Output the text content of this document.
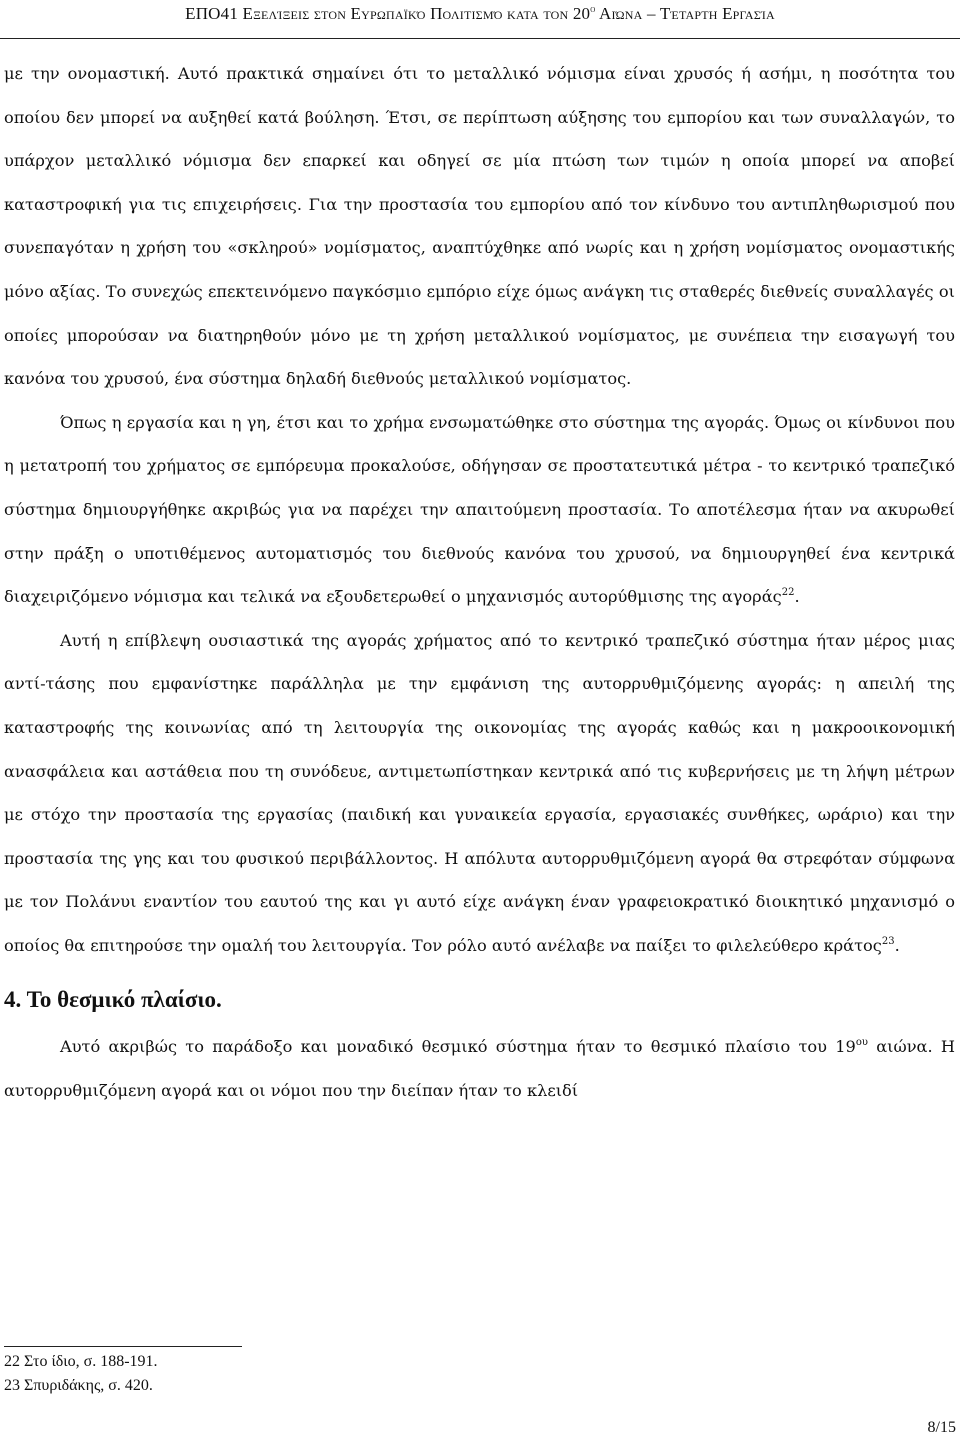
ΕΠΟ41 Εξελίξεις στον Ευρωπαϊκό Πολιτισμό κατα τον $20^o$ Αιώνα – Τέταρτη Εργασία

με την ονομαστική. Αυτό πρακτικά σημαίνει ότι το μεταλλικό νόμισμα είναι χρυσός ή ασήμι, η ποσότητα του οποίου δεν μπορεί να αυξηθεί κατά βούληση. Έτσι, σε περίπτωση αύξησης του εμπορίου και των συναλλαγών, το υπάρχον μεταλλικό νόμισμα δεν επαρκεί και οδηγεί σε μία πτώση των τιμών η οποία μπορεί να αποβεί καταστροφική για τις επιχειρήσεις. Για την προστασία του εμπορίου από τον κίνδυνο του αντιπληθωρισμού που συνεπαγόταν η χρήση του «σκληρού» νομίσματος, αναπτύχθηκε από νωρίς και η χρήση νομίσματος ονομαστικής μόνο αξίας. Το συνεχώς επεκτεινόμενο παγκόσμιο εμπόριο είχε όμως ανάγκη τις σταθερές διεθνείς συναλλαγές οι οποίες μπορούσαν να διατηρηθούν μόνο με τη χρήση μεταλλικού νομίσματος, με συνέπεια την εισαγωγή του κανόνα του χρυσού, ένα σύστημα δηλαδή διεθνούς μεταλλικού νομίσματος.

Όπως η εργασία και η γη, έτσι και το χρήμα ενσωματώθηκε στο σύστημα της αγοράς. Όμως οι κίνδυνοι που η μετατροπή του χρήματος σε εμπόρευμα προκαλούσε, οδήγησαν σε προστατευτικά μέτρα - το κεντρικό τραπεζικό σύστημα δημιουργήθηκε ακριβώς για να παρέχει την απαιτούμενη προστασία. Το αποτέλεσμα ήταν να ακυρωθεί στην πράξη ο υποτιθέμενος αυτοματισμός του διεθνούς κανόνα του χρυσού, να δημιουργηθεί ένα κεντρικά διαχειριζόμενο νόμισμα και τελικά να εξουδετερωθεί ο μηχανισμός αυτορύθμισης της αγοράς$^{22}$.

Αυτή η επίβλεψη ουσιαστικά της αγοράς χρήματος από το κεντρικό τραπεζικό σύστημα ήταν μέρος μιας αντί-τάσης που εμφανίστηκε παράλληλα με την εμφάνιση της αυτορρυθμιζόμενης αγοράς: η απειλή της καταστροφής της κοινωνίας από τη λειτουργία της οικονομίας της αγοράς καθώς και η μακροοικονομική ανασφάλεια και αστάθεια που τη συνόδευε, αντιμετωπίστηκαν κεντρικά από τις κυβερνήσεις με τη λήψη μέτρων με στόχο την προστασία της εργασίας (παιδική και γυναικεία εργασία, εργασιακές συνθήκες, ωράριο) και την προστασία της γης και του φυσικού περιβάλλοντος. Η απόλυτα αυτορρυθμιζόμενη αγορά θα στρεφόταν σύμφωνα με τον Πολάνυι εναντίον του εαυτού της και γι αυτό είχε ανάγκη έναν γραφειοκρατικό διοικητικό μηχανισμό ο οποίος θα επιτηρούσε την ομαλή του λειτουργία. Τον ρόλο αυτό ανέλαβε να παίξει το φιλελεύθερο κράτος$^{23}$.

4. Το θεσμικό πλαίσιο.

Αυτό ακριβώς το παράδοξο και μοναδικό θεσμικό σύστημα ήταν το θεσμικό πλαίσιο του $19^{o\upsilon}$ αιώνα. Η αυτορρυθμιζόμενη αγορά και οι νόμοι που την διείπαν ήταν το κλειδί

22 Στο ίδιο, σ. 188-191.
23 Σπυριδάκης, σ. 420.
8/15
